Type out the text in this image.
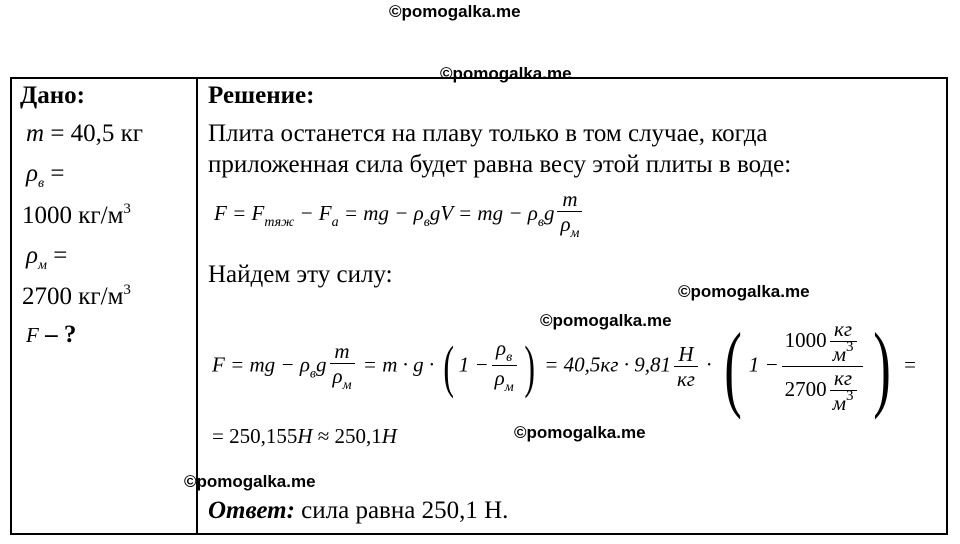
©pomogalka.me
©pomogalka.me
©pomogalka.me
©pomogalka.me
©pomogalka.me
©pomogalka.me
Дано:
m = 40,5 кг
$\rho_в$ =
1000 $кг/м^3$
$\rho_м$ =
2700 $кг/м^3$
F – ?
Решение:
Плита останется на плаву только в том случае, когда
приложенная сила будет равна весу этой плиты в воде:
$F = F_{тяж} - F_а$ = mg − $\rho_вgV$ = mg − $\rho_вg \frac{m}{\rho_м}$
Найдем эту силу:
F = mg − $\rho_вg \frac{m}{\rho_м} = m \cdot g$ · ( $1 - \frac{\rho_в}{\rho_м}$ ) = $40,5кг \cdot 9,81 \frac{Н}{кг}$ · ( $1 - \frac{1000 \frac{кг}{м^3}}{2700 \frac{кг}{м^3}}$ ) =
= 250,155Н ≈ 250,1Н
Ответ: сила равна 250,1 Н.
